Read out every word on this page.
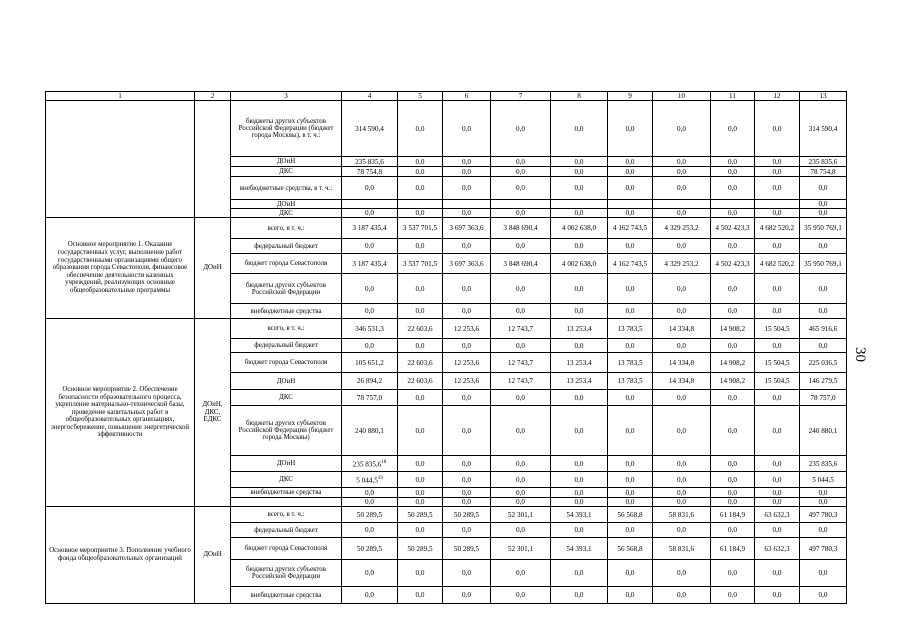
1	2	3	4	5	6	7	8	9	10	11	12	13
		бюджеты других субъектов Российской Федерации (бюджет города Москвы), в т. ч.:	314 590,4	0,0	0,0	0,0	0,0	0,0	0,0	0,0	0,0	314 590,4
		ДОиН	235 835,6	0,0	0,0	0,0	0,0	0,0	0,0	0,0	0,0	235 835,6
		ДКС	78 754,8	0,0	0,0	0,0	0,0	0,0	0,0	0,0	0,0	78 754,8
		внебюджетные средства, в т. ч.:	0,0	0,0	0,0	0,0	0,0	0,0	0,0	0,0	0,0	0,0
		ДОиН										0,0
		ДКС	0,0	0,0	0,0	0,0	0,0	0,0	0,0	0,0	0,0	0,0
Основное мероприятие 1. Оказание государственных услуг, выполнение работ государственными организациями общего образования города Севастополя, финансовое обеспечение деятельности казенных учреждений, реализующих основные общеобразовательные программы	ДОиН	всего, в т. ч.:	3 187 435,4	3 537 701,5	3 697 363,6	3 848 690,4	4 002 638,0	4 162 743,5	4 329 253,2	4 502 423,3	4 682 520,2	35 950 769,1
		федеральный бюджет	0,0	0,0	0,0	0,0	0,0	0,0	0,0	0,0	0,0	0,0
		бюджет города Севастополя	3 187 435,4	3 537 701,5	3 697 363,6	3 848 690,4	4 002 638,0	4 162 743,5	4 329 253,2	4 502 423,3	4 682 520,2	35 950 769,1
		бюджеты других субъектов Российской Федерации	0,0	0,0	0,0	0,0	0,0	0,0	0,0	0,0	0,0	0,0
		внебюджетные средства	0,0	0,0	0,0	0,0	0,0	0,0	0,0	0,0	0,0	0,0
Основное мероприятие 2. Обеспечение безопасности образовательного процесса, укрепление материально-технической базы, проведение капитальных работ в общеобразовательных организациях, энергосбережение, повышение энергетической эффективности	ДОиН, ДКС, ЕДКС	всего, в т. ч.:	346 531,3	22 603,6	12 253,6	12 743,7	13 253,4	13 783,5	14 334,8	14 908,2	15 504,5	465 916,6
		федеральный бюджет	0,0	0,0	0,0	0,0	0,0	0,0	0,0	0,0	0,0	0,0
		бюджет города Севастополя	105 651,2	22 603,6	12 253,6	12 743,7	13 253,4	13 783,5	14 334,8	14 908,2	15 504,5	225 036,5
		ДОиН	26 894,2	22 603,6	12 253,6	12 743,7	13 253,4	13 783,5	14 334,8	14 908,2	15 504,5	146 279,5
		ДКС	78 757,0	0,0	0,0	0,0	0,0	0,0	0,0	0,0	0,0	78 757,0
		бюджеты других субъектов Российской Федерации (бюджет города Москвы)	240 880,1	0,0	0,0	0,0	0,0	0,0	0,0	0,0	0,0	240 880,1
		ДОиН	235 835,6$^{18}$	0,0	0,0	0,0	0,0	0,0	0,0	0,0	0,0	235 835,6
		ДКС	5 044,5$^{19}$	0,0	0,0	0,0	0,0	0,0	0,0	0,0	0,0	5 044,5
		внебюджетные средства	0,0	0,0	0,0	0,0	0,0	0,0	0,0	0,0	0,0	0,0
			0,0	0,0	0,0	0,0	0,0	0,0	0,0	0,0	0,0	0,0
Основное мероприятие 3. Пополнение учебного фонда общеобразовательных организаций	ДОиН	всего, в т. ч.:	50 289,5	50 289,5	50 289,5	52 301,1	54 393,1	56 568,8	58 831,6	61 184,9	63 632,3	497 780,3
		федеральный бюджет	0,0	0,0	0,0	0,0	0,0	0,0	0,0	0,0	0,0	0,0
		бюджет города Севастополя	50 289,5	50 289,5	50 289,5	52 301,1	54 393,1	56 568,8	58 831,6	61 184,9	63 632,3	497 780,3
		бюджеты других субъектов Российской Федерации	0,0	0,0	0,0	0,0	0,0	0,0	0,0	0,0	0,0	0,0
		внебюджетные средства	0,0	0,0	0,0	0,0	0,0	0,0	0,0	0,0	0,0	0,0
30
